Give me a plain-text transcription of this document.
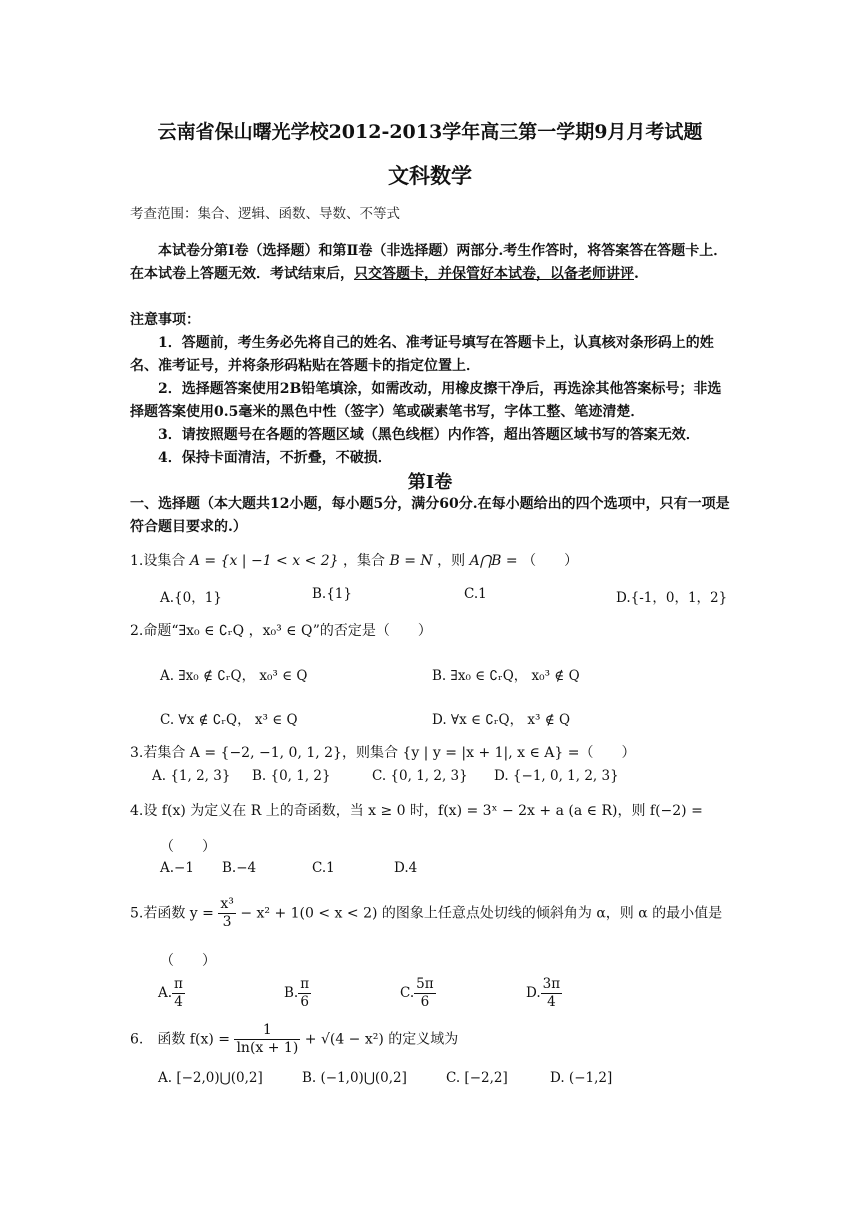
云南省保山曙光学校2012-2013学年高三第一学期9月月考试题
文科数学
考查范围：集合、逻辑、函数、导数、不等式
本试卷分第Ⅰ卷（选择题）和第Ⅱ卷（非选择题）两部分.考生作答时，将答案答在答题卡上．在本试卷上答题无效．考试结束后，只交答题卡，并保管好本试卷，以备老师讲评.
注意事项：
1．答题前，考生务必先将自己的姓名、准考证号填写在答题卡上，认真核对条形码上的姓名、准考证号，并将条形码粘贴在答题卡的指定位置上．
2．选择题答案使用2B铅笔填涂，如需改动，用橡皮擦干净后，再选涂其他答案标号；非选择题答案使用0.5毫米的黑色中性（签字）笔或碳素笔书写，字体工整、笔迹清楚．
3．请按照题号在各题的答题区域（黑色线框）内作答，超出答题区域书写的答案无效．
4．保持卡面清洁，不折叠，不破损．
第Ⅰ卷
一、选择题（本大题共12小题，每小题5分，满分60分.在每小题给出的四个选项中，只有一项是符合题目要求的.）
1.设集合 A = {x | −1 < x < 2} ，集合 B = N ，则 A⋂B = （　　）
A.{0，1}	B.{1}	C.1	D.{-1，0，1，2}
2.命题“∃x₀ ∈ ∁ᵣQ ，x₀³ ∈ Q”的否定是（　　）
A. ∃x₀ ∉ ∁ᵣQ， x₀³ ∈ Q	B. ∃x₀ ∈ ∁ᵣQ， x₀³ ∉ Q
C. ∀x ∉ ∁ᵣQ， x³ ∈ Q	D. ∀x ∈ ∁ᵣQ， x³ ∉ Q
3.若集合 A = {−2, −1, 0, 1, 2}，则集合 {y | y = |x + 1|, x ∈ A} =（　　）
A. {1, 2, 3} B. {0, 1, 2}	C. {0, 1, 2, 3} D. {−1, 0, 1, 2, 3}
4.设 f(x) 为定义在 R 上的奇函数，当 x ≥ 0 时，f(x) = 3ˣ − 2x + a (a ∈ R)，则 f(−2) =
（　　）
A.−1 B.−4	C.1	D.4
5.若函数 $y = \frac{\text{x³}}{3} - x^2 + 1(0 < x < 2)$ 的图象上任意点处切线的倾斜角为 α，则 α 的最小值是
（　　）
A. $\frac{\pi}{4}$	B. $\frac{\pi}{6}$	C. $\frac{5\pi}{6}$	D. $\frac{3\pi}{4}$
6.　函数 $f(x) = \frac{1}{\ln(x + 1)} + √(4 - x^2)$ 的定义域为
A. [−2,0)⋃(0,2]	B. (−1,0)⋃(0,2]	C. [−2,2]	D. (−1,2]
